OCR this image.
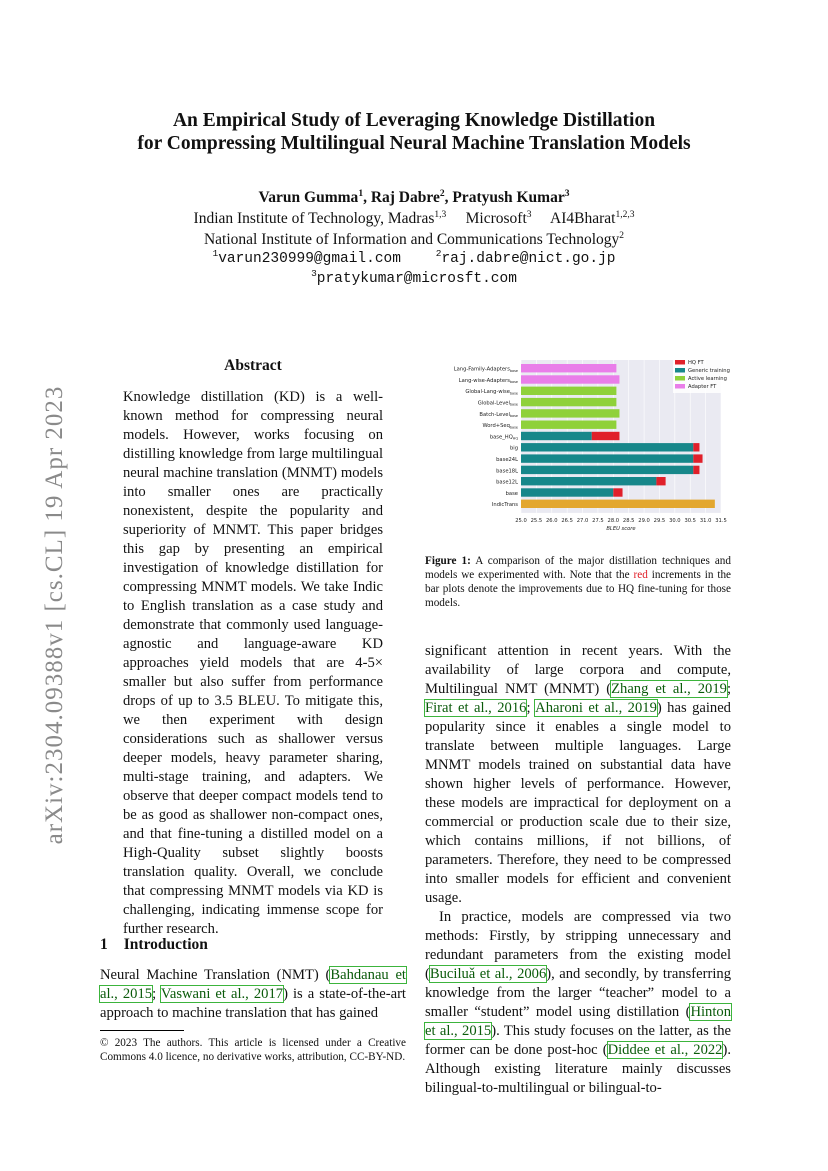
arXiv:2304.09388v1 [cs.CL] 19 Apr 2023
An Empirical Study of Leveraging Knowledge Distillation
for Compressing Multilingual Neural Machine Translation Models
Varun Gumma$^1$, Raj Dabre$^2$, Pratyush Kumar$^3$
Indian Institute of Technology, Madras$^{1,3}$ Microsoft$^3$ AI4Bharat$^{1,2,3}$
National Institute of Information and Communications Technology$^2$
$^1$varun230999@gmail.com	$^2$raj.dabre@nict.go.jp
$^3$pratykumar@microsft.com
Abstract
Knowledge distillation (KD) is a well-known method for compressing neural models. However, works focusing on distilling knowledge from large multilingual neural machine translation (MNMT) models into smaller ones are practically nonexistent, despite the popularity and superiority of MNMT. This paper bridges this gap by presenting an empirical investigation of knowledge distillation for compressing MNMT models. We take Indic to English translation as a case study and demonstrate that commonly used language-agnostic and language-aware KD approaches yield models that are 4-5× smaller but also suffer from performance drops of up to 3.5 BLEU. To mitigate this, we then experiment with design considerations such as shallower versus deeper models, heavy parameter sharing, multi-stage training, and adapters. We observe that deeper compact models tend to be as good as shallower non-compact ones, and that fine-tuning a distilled model on a High-Quality subset slightly boosts translation quality. Overall, we conclude that compressing MNMT models via KD is challenging, indicating immense scope for further research.
1 Introduction
Neural Machine Translation (NMT) (Bahdanau et al., 2015; Vaswani et al., 2017) is a state-of-the-art approach to machine translation that has gained
© 2023 The authors. This article is licensed under a Creative Commons 4.0 licence, no derivative works, attribution, CC-BY-ND.
Lang-Family-Adapters$_{base}$
Lang-wise-Adapters$_{base}$
Global-Lang-wise$_{base}$
Global-Level$_{base}$
Batch-Level$_{base}$
Word+Seq$_{base}$
$base\_HQ_{HQ}$
big
base24L
base18L
base12L
base
IndicTrans
25.0 25.5 26.0 26.5 27.0 27.5 28.0 28.5 29.0 29.5 30.0 30.5 31.0 31.5
BLEU score
HQ FT
Generic training
Active learning
Adapter FT
Figure 1: A comparison of the major distillation techniques and models we experimented with. Note that the red increments in the bar plots denote the improvements due to HQ fine-tuning for those models.

significant attention in recent years. With the availability of large corpora and compute, Multilingual NMT (MNMT) (Zhang et al., 2019; Firat et al., 2016; Aharoni et al., 2019) has gained popularity since it enables a single model to translate between multiple languages. Large MNMT models trained on substantial data have shown higher levels of performance. However, these models are impractical for deployment on a commercial or production scale due to their size, which contains millions, if not billions, of parameters. Therefore, they need to be compressed into smaller models for efficient and convenient usage.

In practice, models are compressed via two methods: Firstly, by stripping unnecessary and redundant parameters from the existing model (Buciluǎ et al., 2006), and secondly, by transferring knowledge from the larger “teacher” model to a smaller “student” model using distillation (Hinton et al., 2015). This study focuses on the latter, as the former can be done post-hoc (Diddee et al., 2022). Although existing literature mainly discusses bilingual-to-multilingual or bilingual-to-
